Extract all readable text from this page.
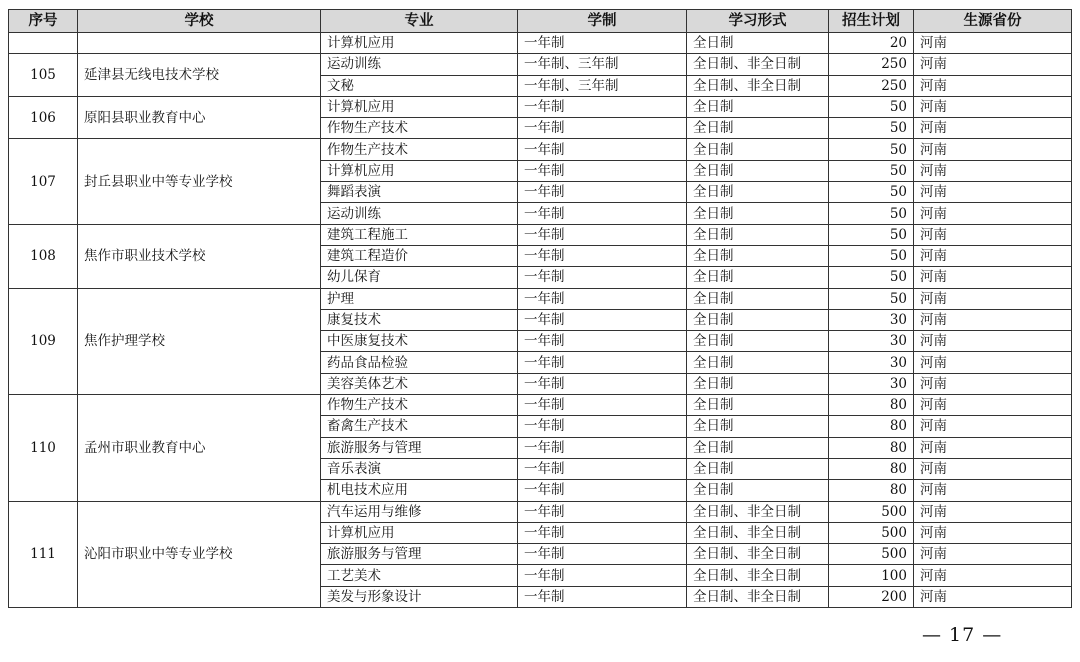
序号	学校	专业	学制	学习形式	招生计划	生源省份
		计算机应用	一年制	全日制	20	河南
105	延津县无线电技术学校	运动训练	一年制、三年制	全日制、非全日制	250	河南
		文秘	一年制、三年制	全日制、非全日制	250	河南
106	原阳县职业教育中心	计算机应用	一年制	全日制	50	河南
		作物生产技术	一年制	全日制	50	河南
107	封丘县职业中等专业学校	作物生产技术	一年制	全日制	50	河南
		计算机应用	一年制	全日制	50	河南
		舞蹈表演	一年制	全日制	50	河南
		运动训练	一年制	全日制	50	河南
108	焦作市职业技术学校	建筑工程施工	一年制	全日制	50	河南
		建筑工程造价	一年制	全日制	50	河南
		幼儿保育	一年制	全日制	50	河南
109	焦作护理学校	护理	一年制	全日制	50	河南
		康复技术	一年制	全日制	30	河南
		中医康复技术	一年制	全日制	30	河南
		药品食品检验	一年制	全日制	30	河南
		美容美体艺术	一年制	全日制	30	河南
110	孟州市职业教育中心	作物生产技术	一年制	全日制	80	河南
		畜禽生产技术	一年制	全日制	80	河南
		旅游服务与管理	一年制	全日制	80	河南
		音乐表演	一年制	全日制	80	河南
		机电技术应用	一年制	全日制	80	河南
111	沁阳市职业中等专业学校	汽车运用与维修	一年制	全日制、非全日制	500	河南
		计算机应用	一年制	全日制、非全日制	500	河南
		旅游服务与管理	一年制	全日制、非全日制	500	河南
		工艺美术	一年制	全日制、非全日制	100	河南
		美发与形象设计	一年制	全日制、非全日制	200	河南
— 17 —
